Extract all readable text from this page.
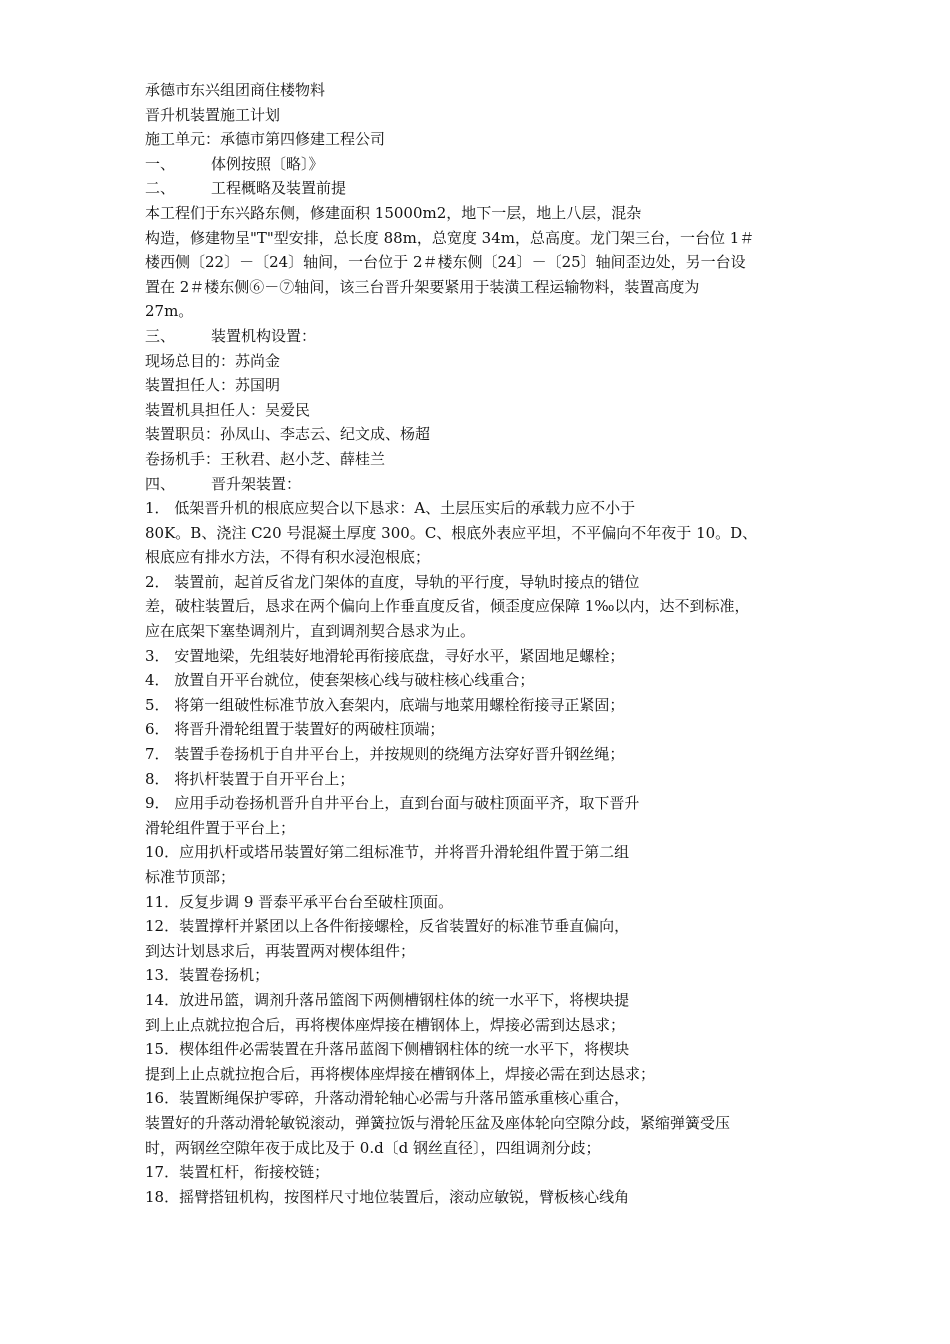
承德市东兴组团商住楼物料
晋升机装置施工计划
施工单元：承德市第四修建工程公司
一、 体例按照〔略〕》
二、 工程概略及装置前提
本工程们于东兴路东侧，修建面积 15000m2，地下一层，地上八层，混杂
构造，修建物呈"T"型安排，总长度 88m，总宽度 34m，总高度。龙门架三台，一台位 1＃
楼西侧〔22〕－〔24〕轴间，一台位于 2＃楼东侧〔24〕－〔25〕轴间歪边处，另一台设
置在 2＃楼东侧⑥－⑦轴间，该三台晋升架要紧用于装潢工程运输物料，装置高度为
27m。
三、 装置机构设置：
现场总目的：苏尚金
装置担任人：苏国明
装置机具担任人：吴爱民
装置职员：孙凤山、李志云、纪文成、杨超
卷扬机手：王秋君、赵小芝、薛桂兰
四、 晋升架装置：
1． 低架晋升机的根底应契合以下恳求：A、土层压实后的承载力应不小于
80K。B、浇注 C20 号混凝土厚度 300。C、根底外表应平坦，不平偏向不年夜于 10。D、
根底应有排水方法，不得有积水浸泡根底；
2． 装置前，起首反省龙门架体的直度，导轨的平行度，导轨时接点的错位
差，破柱装置后，恳求在两个偏向上作垂直度反省，倾歪度应保障 1‰以内，达不到标准，
应在底架下塞垫调剂片，直到调剂契合恳求为止。
3． 安置地梁，先组装好地滑轮再衔接底盘，寻好水平，紧固地足螺栓；
4． 放置自开平台就位，使套架核心线与破柱核心线重合；
5． 将第一组破性标准节放入套架内，底端与地菜用螺栓衔接寻正紧固；
6． 将晋升滑轮组置于装置好的两破柱顶端；
7． 装置手卷扬机于自井平台上，并按规则的绕绳方法穿好晋升钢丝绳；
8． 将扒杆装置于自开平台上；
9． 应用手动卷扬机晋升自井平台上，直到台面与破柱顶面平齐，取下晋升
滑轮组件置于平台上；
10．应用扒杆或塔吊装置好第二组标准节，并将晋升滑轮组件置于第二组
标准节顶部；
11．反复步调 9 晋泰平承平台台至破柱顶面。
12．装置撑杆并紧团以上各件衔接螺栓，反省装置好的标准节垂直偏向，
到达计划恳求后，再装置两对楔体组件；
13．装置卷扬机；
14．放进吊篮，调剂升落吊篮阁下两侧槽钢柱体的统一水平下，将楔块提
到上止点就拉抱合后，再将楔体座焊接在槽钢体上，焊接必需到达恳求；
15．楔体组件必需装置在升落吊蓝阁下侧槽钢柱体的统一水平下，将楔块
提到上止点就拉抱合后，再将楔体座焊接在槽钢体上，焊接必需在到达恳求；
16．装置断绳保护零碎，升落动滑轮轴心必需与升落吊篮承重核心重合，
装置好的升落动滑轮敏锐滚动，弹簧拉饭与滑轮压盆及座体轮向空隙分歧，紧缩弹簧受压
时，两钢丝空隙年夜于成比及于 0.d〔d 钢丝直径〕，四组调剂分歧；
17．装置杠杆，衔接校链；
18．摇臂搭钮机构，按图样尺寸地位装置后，滚动应敏锐，臂板核心线角
